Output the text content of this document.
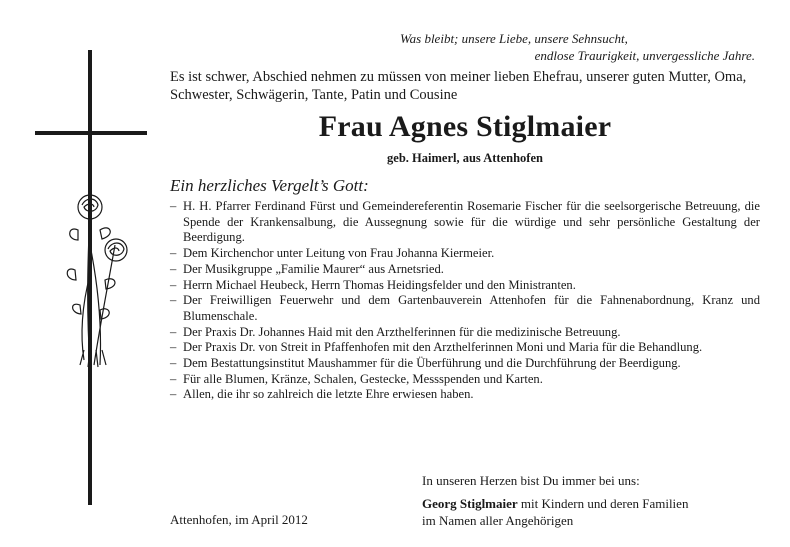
Was bleibt; unsere Liebe, unsere Sehnsucht,
endlose Traurigkeit, unvergessliche Jahre.
Es ist schwer, Abschied nehmen zu müssen von meiner lieben Ehefrau, unserer guten Mutter, Oma, Schwester, Schwägerin, Tante, Patin und Cousine
Frau Agnes Stiglmaier
geb. Haimerl, aus Attenhofen
Ein herzliches Vergelt’s Gott:
– H. H. Pfarrer Ferdinand Fürst und Gemeindereferentin Rosemarie Fischer für die seelsorgerische Betreuung, die Spende der Krankensalbung, die Aussegnung sowie für die würdige und sehr persönliche Gestaltung der Beerdigung.
– Dem Kirchenchor unter Leitung von Frau Johanna Kiermeier.
– Der Musikgruppe „Familie Maurer“ aus Arnetsried.
– Herrn Michael Heubeck, Herrn Thomas Heidingsfelder und den Ministranten.
– Der Freiwilligen Feuerwehr und dem Gartenbauverein Attenhofen für die Fahnenabordnung, Kranz und Blumenschale.
– Der Praxis Dr. Johannes Haid mit den Arzthelferinnen für die medizinische Betreuung.
– Der Praxis Dr. von Streit in Pfaffenhofen mit den Arzthelferinnen Moni und Maria für die Behandlung.
– Dem Bestattungsinstitut Maushammer für die Überführung und die Durchführung der Beerdigung.
– Für alle Blumen, Kränze, Schalen, Gestecke, Messspenden und Karten.
– Allen, die ihr so zahlreich die letzte Ehre erwiesen haben.
Attenhofen, im April 2012
In unseren Herzen bist Du immer bei uns:
Georg Stiglmaier mit Kindern und deren Familien
im Namen aller Angehörigen
